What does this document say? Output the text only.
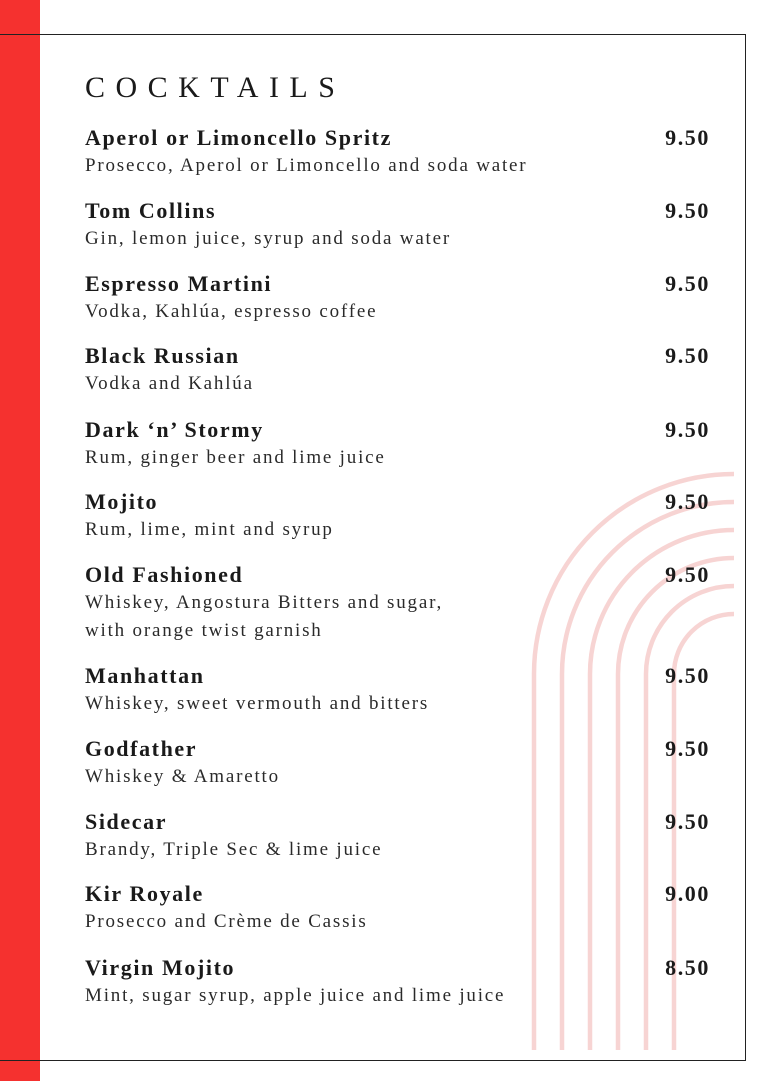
COCKTAILS
Aperol or Limoncello Spritz
Prosecco, Aperol or Limoncello and soda water
9.50
Tom Collins
Gin, lemon juice, syrup and soda water
9.50
Espresso Martini
Vodka, Kahlúa, espresso coffee
9.50
Black Russian
Vodka and Kahlúa
9.50
Dark ‘n’ Stormy
Rum, ginger beer and lime juice
9.50
Mojito
Rum, lime, mint and syrup
9.50
Old Fashioned
Whiskey, Angostura Bitters and sugar,
with orange twist garnish
9.50
Manhattan
Whiskey, sweet vermouth and bitters
9.50
Godfather
Whiskey & Amaretto
9.50
Sidecar
Brandy, Triple Sec & lime juice
9.50
Kir Royale
Prosecco and Crème de Cassis
9.00
Virgin Mojito
Mint, sugar syrup, apple juice and lime juice
8.50
